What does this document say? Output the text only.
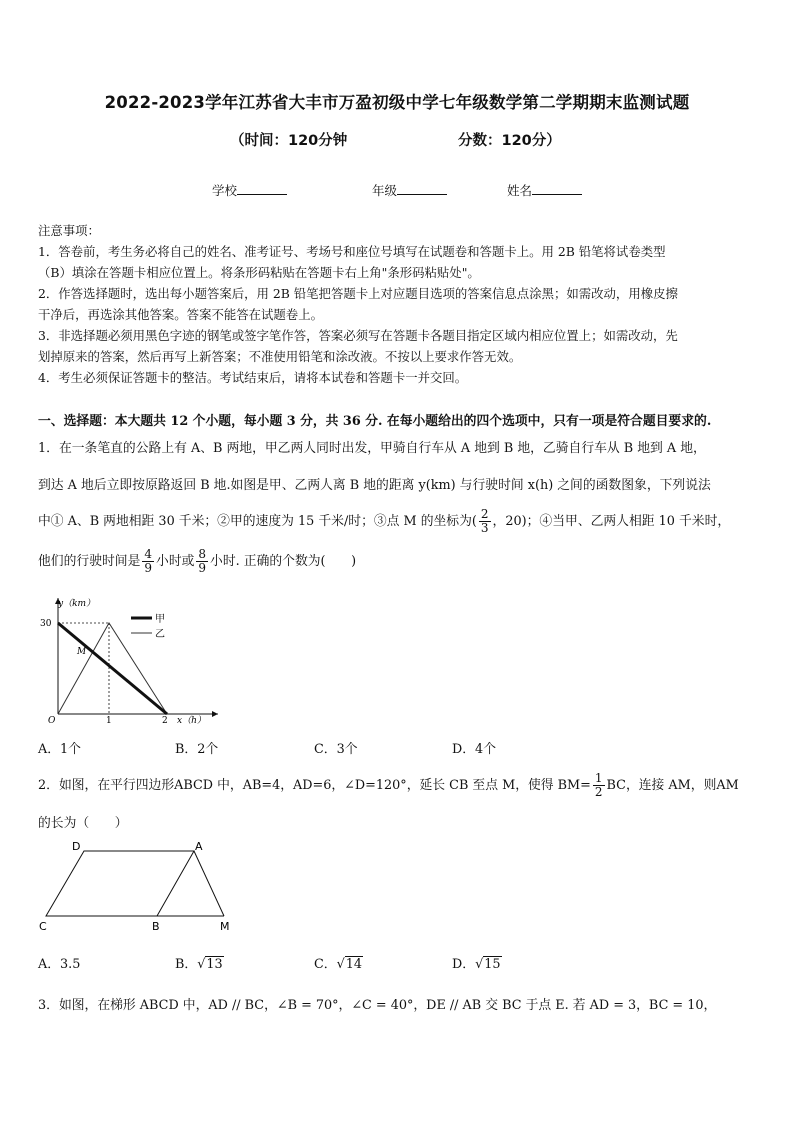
2022-2023学年江苏省大丰市万盈初级中学七年级数学第二学期期末监测试题
（时间：120分钟	分数：120分）
学校	年级	姓名
注意事项：
1．答卷前，考生务必将自己的姓名、准考证号、考场号和座位号填写在试题卷和答题卡上。用 2B 铅笔将试卷类型
（B）填涂在答题卡相应位置上。将条形码粘贴在答题卡右上角"条形码粘贴处"。
2．作答选择题时，选出每小题答案后，用 2B 铅笔把答题卡上对应题目选项的答案信息点涂黑；如需改动，用橡皮擦
干净后，再选涂其他答案。答案不能答在试题卷上。
3．非选择题必须用黑色字迹的钢笔或签字笔作答，答案必须写在答题卡各题目指定区域内相应位置上；如需改动，先
划掉原来的答案，然后再写上新答案；不准使用铅笔和涂改液。不按以上要求作答无效。
4．考生必须保证答题卡的整洁。考试结束后，请将本试卷和答题卡一并交回。
一、选择题：本大题共 12 个小题，每小题 3 分，共 36 分. 在每小题给出的四个选项中，只有一项是符合题目要求的.
1．在一条笔直的公路上有 A、B 两地，甲乙两人同时出发，甲骑自行车从 A 地到 B 地，乙骑自行车从 B 地到 A 地，
到达 A 地后立即按原路返回 B 地.如图是甲、乙两人离 B 地的距离 y(km) 与行驶时间 x(h) 之间的函数图象，下列说法
中① A、B 两地相距 30 千米；②甲的速度为 15 千米/时；③点 M 的坐标为( $\frac{2}{3}$ ，20)；④当甲、乙两人相距 10 千米时，
他们的行驶时间是 $\frac{4}{9}$ 小时或 $\frac{8}{9}$ 小时. 正确的个数为(　　)
甲
乙
y（km）
30
O	1	2 x（h）
M
A．1个	B．2个	C．3个	D．4个
2．如图，在平行四边形ABCD 中，AB=4，AD=6，∠D=120°，延长 CB 至点 M，使得 $BM= \frac{1}{2}$ BC，连接 AM，则AM
的长为（　　）
D	A
C	B	M
A．3.5	B．√13	C．√14	D．√15
3．如图，在梯形 ABCD 中，AD // BC，∠B = 70°，∠C = 40°，DE // AB 交 BC 于点 E. 若 AD = 3，BC = 10，
